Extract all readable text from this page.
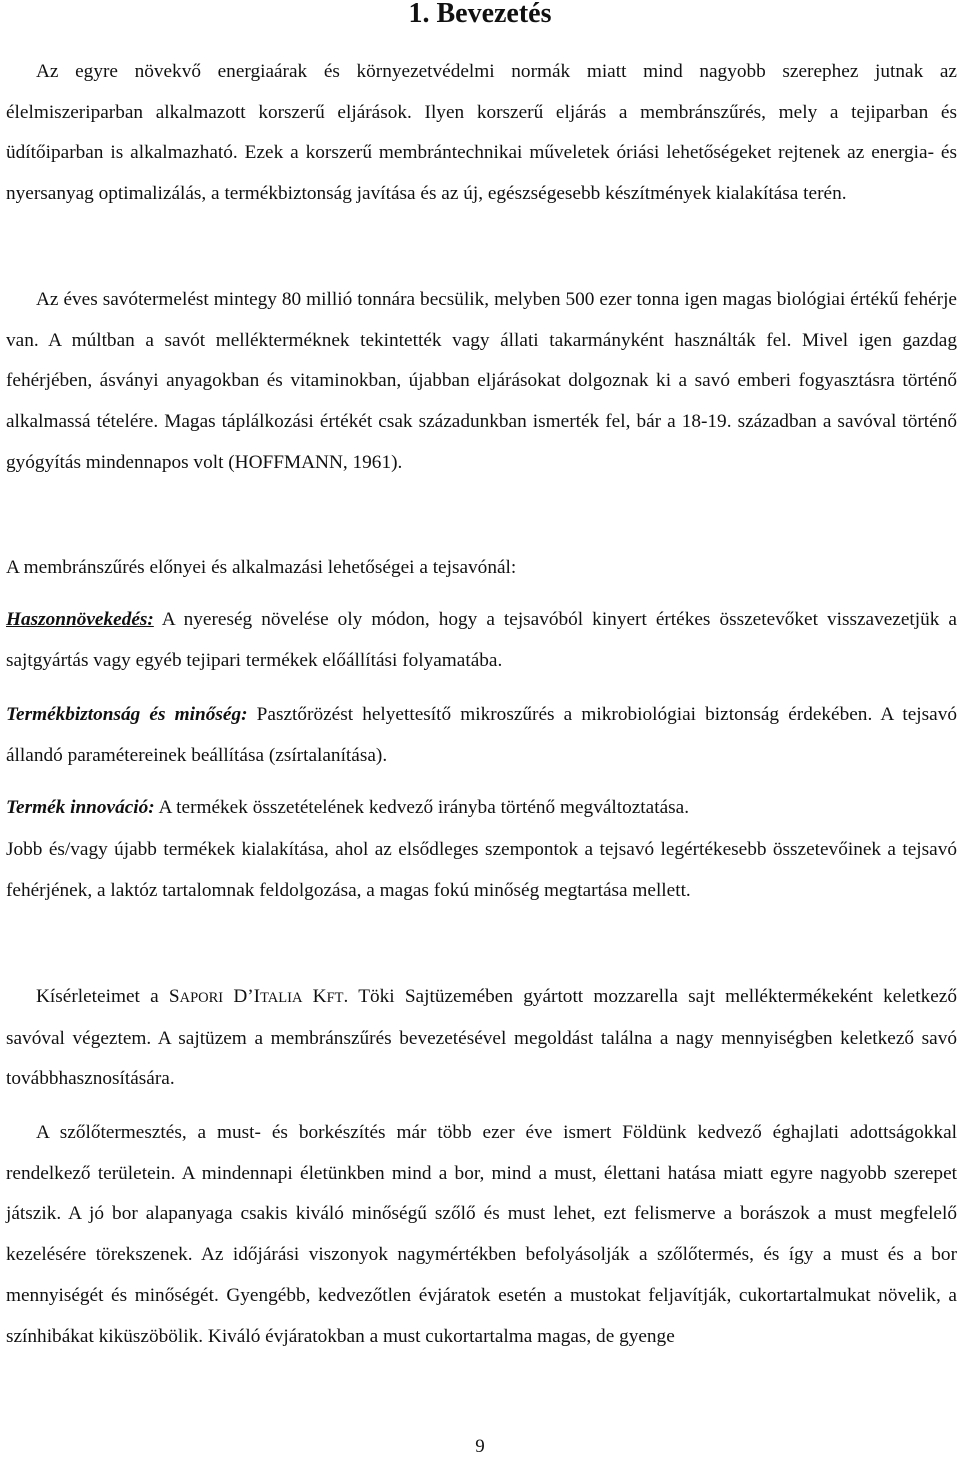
1. Bevezetés

Az egyre növekvő energiaárak és környezetvédelmi normák miatt mind nagyobb szerephez jutnak az élelmiszeriparban alkalmazott korszerű eljárások. Ilyen korszerű eljárás a membránszűrés, mely a tejiparban és üdítőiparban is alkalmazható. Ezek a korszerű membrántechnikai műveletek óriási lehetőségeket rejtenek az energia- és nyersanyag optimalizálás, a termékbiztonság javítása és az új, egészségesebb készítmények kialakítása terén.

Az éves savótermelést mintegy 80 millió tonnára becsülik, melyben 500 ezer tonna igen magas biológiai értékű fehérje van. A múltban a savót mellékterméknek tekintették vagy állati takarmányként használták fel. Mivel igen gazdag fehérjében, ásványi anyagokban és vitaminokban, újabban eljárásokat dolgoznak ki a savó emberi fogyasztásra történő alkalmassá tételére. Magas táplálkozási értékét csak századunkban ismerték fel, bár a 18-19. században a savóval történő gyógyítás mindennapos volt (HOFFMANN, 1961).

A membránszűrés előnyei és alkalmazási lehetőségei a tejsavónál:

Haszonnövekedés: A nyereség növelése oly módon, hogy a tejsavóból kinyert értékes összetevőket visszavezetjük a sajtgyártás vagy egyéb tejipari termékek előállítási folyamatába.

Termékbiztonság és minőség: Pasztőrözést helyettesítő mikroszűrés a mikrobiológiai biztonság érdekében. A tejsavó állandó paramétereinek beállítása (zsírtalanítása).

Termék innováció: A termékek összetételének kedvező irányba történő megváltoztatása.

Jobb és/vagy újabb termékek kialakítása, ahol az elsődleges szempontok a tejsavó legértékesebb összetevőinek a tejsavó fehérjének, a laktóz tartalomnak feldolgozása, a magas fokú minőség megtartása mellett.

Kísérleteimet a SAPORI D’ITALIA KFT. Töki Sajtüzemében gyártott mozzarella sajt melléktermékeként keletkező savóval végeztem. A sajtüzem a membránszűrés bevezetésével megoldást találna a nagy mennyiségben keletkező savó továbbhasznosítására.

A szőlőtermesztés, a must- és borkészítés már több ezer éve ismert Földünk kedvező éghajlati adottságokkal rendelkező területein. A mindennapi életünkben mind a bor, mind a must, élettani hatása miatt egyre nagyobb szerepet játszik. A jó bor alapanyaga csakis kiváló minőségű szőlő és must lehet, ezt felismerve a borászok a must megfelelő kezelésére törekszenek. Az időjárási viszonyok nagymértékben befolyásolják a szőlőtermés, és így a must és a bor mennyiségét és minőségét. Gyengébb, kedvezőtlen évjáratok esetén a mustokat feljavítják, cukortartalmukat növelik, a színhibákat kiküszöbölik. Kiváló évjáratokban a must cukortartalma magas, de gyenge

9
